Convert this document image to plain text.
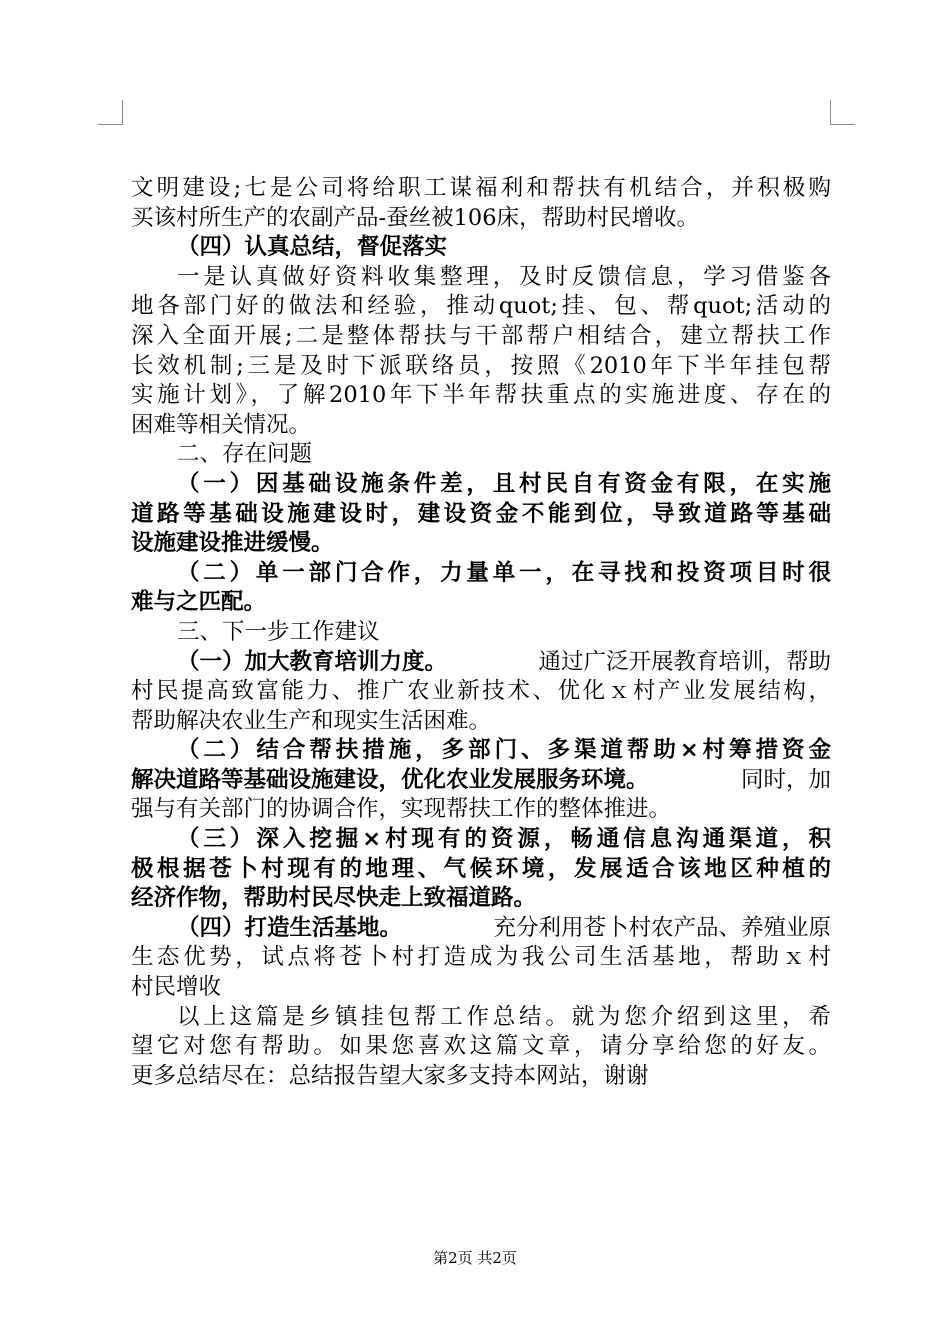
文明建设;七是公司将给职工谋福利和帮扶有机结合，并积极购
买该村所生产的农副产品-蚕丝被106床，帮助村民增收。
（四）认真总结，督促落实
一是认真做好资料收集整理，及时反馈信息，学习借鉴各
地各部门好的做法和经验，推动quot;挂、包、帮quot;活动的
深入全面开展;二是整体帮扶与干部帮户相结合，建立帮扶工作
长效机制;三是及时下派联络员，按照《2010年下半年挂包帮
实施计划》，了解2010年下半年帮扶重点的实施进度、存在的
困难等相关情况。
二、存在问题
（一）因基础设施条件差，且村民自有资金有限，在实施
道路等基础设施建设时，建设资金不能到位，导致道路等基础
设施建设推进缓慢。
（二）单一部门合作，力量单一，在寻找和投资项目时很
难与之匹配。
三、下一步工作建议
（一）加大教育培训力度。	通过广泛开展教育培训，帮助
村民提高致富能力、推广农业新技术、优化ｘ村产业发展结构，
帮助解决农业生产和现实生活困难。
（二）结合帮扶措施，多部门、多渠道帮助×村筹措资金
解决道路等基础设施建设，优化农业发展服务环境。	同时，加
强与有关部门的协调合作，实现帮扶工作的整体推进。
（三）深入挖掘×村现有的资源，畅通信息沟通渠道，积
极根据苍卜村现有的地理、气候环境，发展适合该地区种植的
经济作物，帮助村民尽快走上致福道路。
（四）打造生活基地。	充分利用苍卜村农产品、养殖业原
生态优势，试点将苍卜村打造成为我公司生活基地，帮助ｘ村
村民增收
以上这篇是乡镇挂包帮工作总结。就为您介绍到这里，希
望它对您有帮助。如果您喜欢这篇文章，请分享给您的好友。
更多总结尽在：总结报告望大家多支持本网站，谢谢
第2页 共2页
